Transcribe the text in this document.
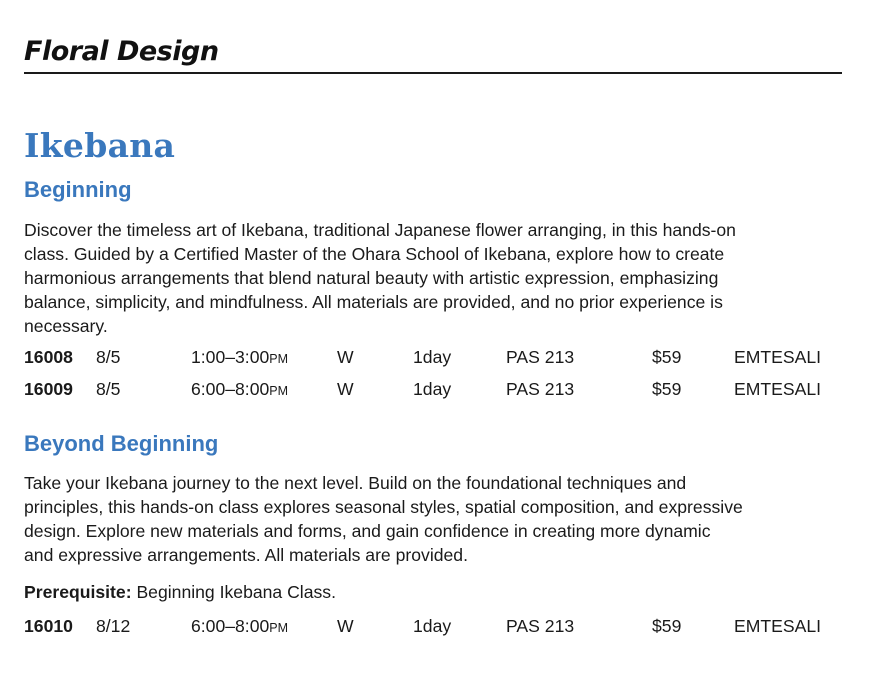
Floral Design
Ikebana
Beginning
Discover the timeless art of Ikebana, traditional Japanese flower arranging, in this hands-on
class. Guided by a Certified Master of the Ohara School of Ikebana, explore how to create
harmonious arrangements that blend natural beauty with artistic expression, emphasizing
balance, simplicity, and mindfulness. All materials are provided, and no prior experience is
necessary.
16008 8/5	1:00–3:00PM	W	1day	PAS 213	$59	EMTESALI
16009 8/5	6:00–8:00PM	W	1day	PAS 213	$59	EMTESALI
Beyond Beginning
Take your Ikebana journey to the next level. Build on the foundational techniques and
principles, this hands-on class explores seasonal styles, spatial composition, and expressive
design. Explore new materials and forms, and gain confidence in creating more dynamic
and expressive arrangements. All materials are provided.
Prerequisite: Beginning Ikebana Class.
16010 8/12	6:00–8:00PM	W	1day	PAS 213	$59	EMTESALI
